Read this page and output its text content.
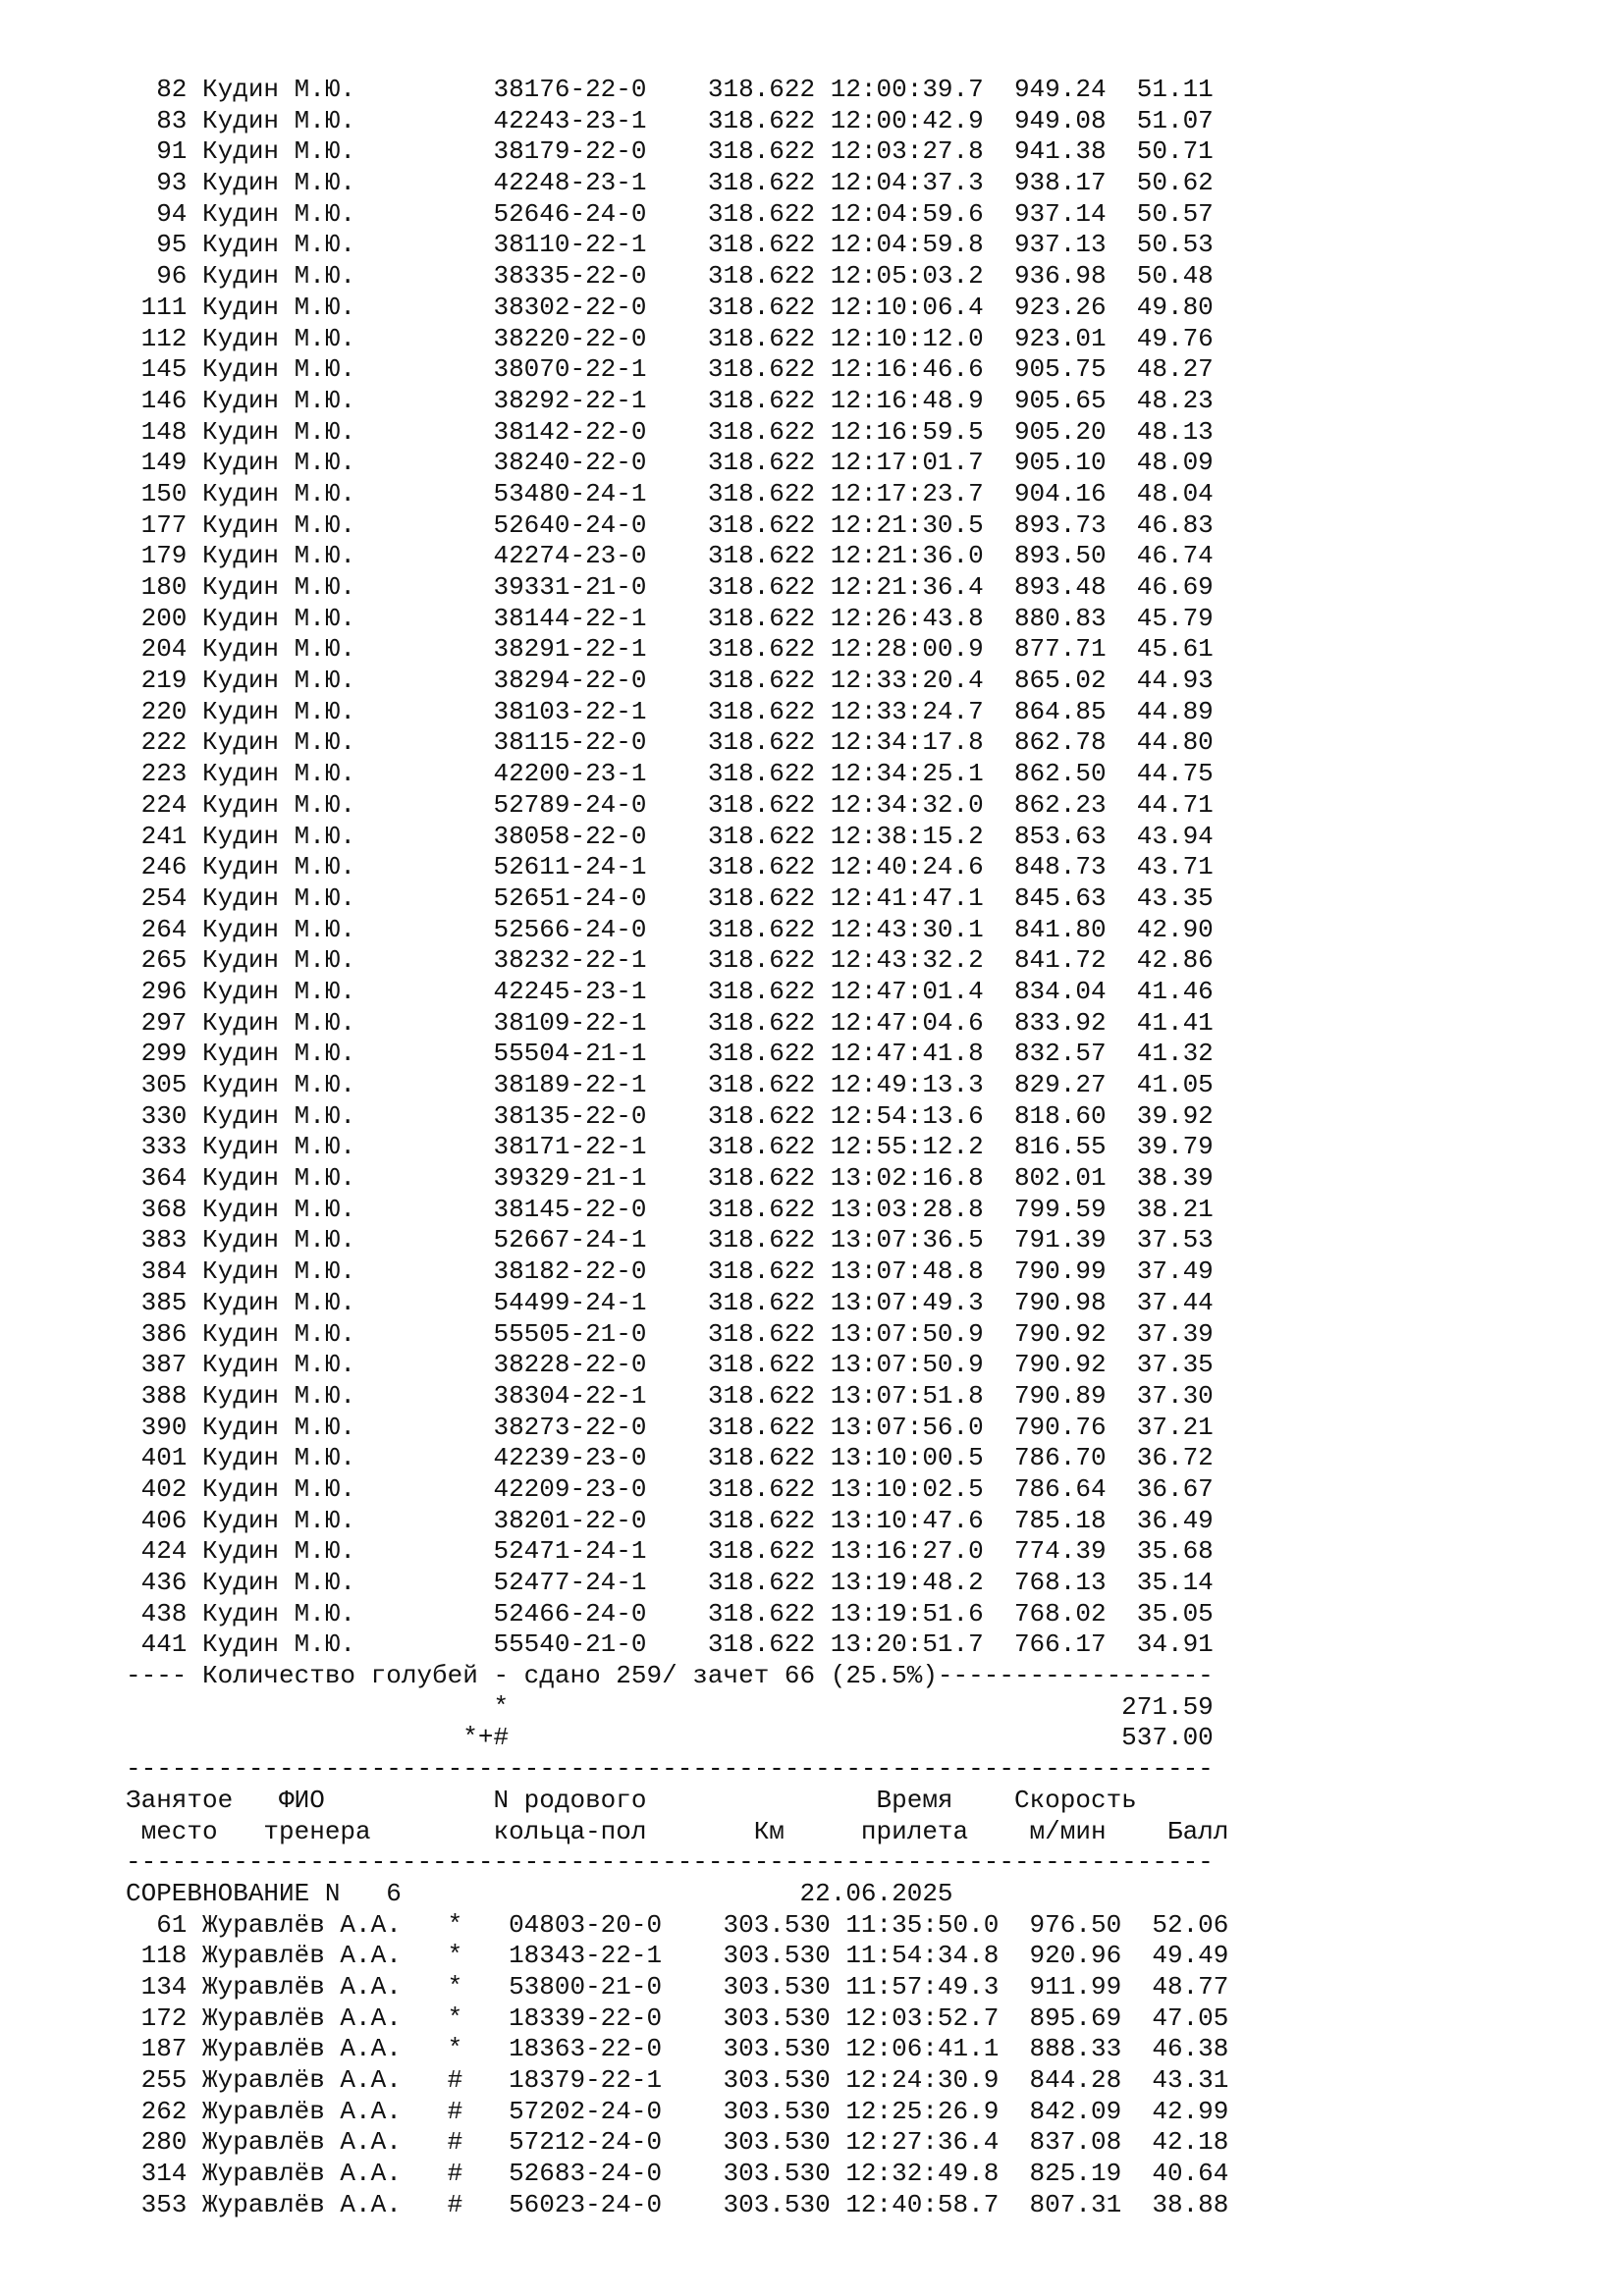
82 Кудин М.Ю.         38176-22-0    318.622 12:00:39.7  949.24  51.11
83 Кудин М.Ю.         42243-23-1    318.622 12:00:42.9  949.08  51.07
91 Кудин М.Ю.         38179-22-0    318.622 12:03:27.8  941.38  50.71
93 Кудин М.Ю.         42248-23-1    318.622 12:04:37.3  938.17  50.62
94 Кудин М.Ю.         52646-24-0    318.622 12:04:59.6  937.14  50.57
95 Кудин М.Ю.         38110-22-1    318.622 12:04:59.8  937.13  50.53
96 Кудин М.Ю.         38335-22-0    318.622 12:05:03.2  936.98  50.48
111 Кудин М.Ю.         38302-22-0    318.622 12:10:06.4  923.26  49.80
112 Кудин М.Ю.         38220-22-0    318.622 12:10:12.0  923.01  49.76
145 Кудин М.Ю.         38070-22-1    318.622 12:16:46.6  905.75  48.27
146 Кудин М.Ю.         38292-22-1    318.622 12:16:48.9  905.65  48.23
148 Кудин М.Ю.         38142-22-0    318.622 12:16:59.5  905.20  48.13
149 Кудин М.Ю.         38240-22-0    318.622 12:17:01.7  905.10  48.09
150 Кудин М.Ю.         53480-24-1    318.622 12:17:23.7  904.16  48.04
177 Кудин М.Ю.         52640-24-0    318.622 12:21:30.5  893.73  46.83
179 Кудин М.Ю.         42274-23-0    318.622 12:21:36.0  893.50  46.74
180 Кудин М.Ю.         39331-21-0    318.622 12:21:36.4  893.48  46.69
200 Кудин М.Ю.         38144-22-1    318.622 12:26:43.8  880.83  45.79
204 Кудин М.Ю.         38291-22-1    318.622 12:28:00.9  877.71  45.61
219 Кудин М.Ю.         38294-22-0    318.622 12:33:20.4  865.02  44.93
220 Кудин М.Ю.         38103-22-1    318.622 12:33:24.7  864.85  44.89
222 Кудин М.Ю.         38115-22-0    318.622 12:34:17.8  862.78  44.80
223 Кудин М.Ю.         42200-23-1    318.622 12:34:25.1  862.50  44.75
224 Кудин М.Ю.         52789-24-0    318.622 12:34:32.0  862.23  44.71
241 Кудин М.Ю.         38058-22-0    318.622 12:38:15.2  853.63  43.94
246 Кудин М.Ю.         52611-24-1    318.622 12:40:24.6  848.73  43.71
254 Кудин М.Ю.         52651-24-0    318.622 12:41:47.1  845.63  43.35
264 Кудин М.Ю.         52566-24-0    318.622 12:43:30.1  841.80  42.90
265 Кудин М.Ю.         38232-22-1    318.622 12:43:32.2  841.72  42.86
296 Кудин М.Ю.         42245-23-1    318.622 12:47:01.4  834.04  41.46
297 Кудин М.Ю.         38109-22-1    318.622 12:47:04.6  833.92  41.41
299 Кудин М.Ю.         55504-21-1    318.622 12:47:41.8  832.57  41.32
305 Кудин М.Ю.         38189-22-1    318.622 12:49:13.3  829.27  41.05
330 Кудин М.Ю.         38135-22-0    318.622 12:54:13.6  818.60  39.92
333 Кудин М.Ю.         38171-22-1    318.622 12:55:12.2  816.55  39.79
364 Кудин М.Ю.         39329-21-1    318.622 13:02:16.8  802.01  38.39
368 Кудин М.Ю.         38145-22-0    318.622 13:03:28.8  799.59  38.21
383 Кудин М.Ю.         52667-24-1    318.622 13:07:36.5  791.39  37.53
384 Кудин М.Ю.         38182-22-0    318.622 13:07:48.8  790.99  37.49
385 Кудин М.Ю.         54499-24-1    318.622 13:07:49.3  790.98  37.44
386 Кудин М.Ю.         55505-21-0    318.622 13:07:50.9  790.92  37.39
387 Кудин М.Ю.         38228-22-0    318.622 13:07:50.9  790.92  37.35
388 Кудин М.Ю.         38304-22-1    318.622 13:07:51.8  790.89  37.30
390 Кудин М.Ю.         38273-22-0    318.622 13:07:56.0  790.76  37.21
401 Кудин М.Ю.         42239-23-0    318.622 13:10:00.5  786.70  36.72
402 Кудин М.Ю.         42209-23-0    318.622 13:10:02.5  786.64  36.67
406 Кудин М.Ю.         38201-22-0    318.622 13:10:47.6  785.18  36.49
424 Кудин М.Ю.         52471-24-1    318.622 13:16:27.0  774.39  35.68
436 Кудин М.Ю.         52477-24-1    318.622 13:19:48.2  768.13  35.14
438 Кудин М.Ю.         52466-24-0    318.622 13:19:51.6  768.02  35.05
441 Кудин М.Ю.         55540-21-0    318.622 13:20:51.7  766.17  34.91
---- Количество голубей - сдано 259/ зачет 66 (25.5%)------------------
*                                        271.59
*+#                                        537.00
-----------------------------------------------------------------------
Занятое   ФИО           N родового               Время    Скорость
место   тренера        кольца-пол       Км     прилета    м/мин    Балл
-----------------------------------------------------------------------
СОРЕВНОВАНИЕ N   6                          22.06.2025
61 Журавлёв А.А.   *   04803-20-0    303.530 11:35:50.0  976.50  52.06
118 Журавлёв А.А.   *   18343-22-1    303.530 11:54:34.8  920.96  49.49
134 Журавлёв А.А.   *   53800-21-0    303.530 11:57:49.3  911.99  48.77
172 Журавлёв А.А.   *   18339-22-0    303.530 12:03:52.7  895.69  47.05
187 Журавлёв А.А.   *   18363-22-0    303.530 12:06:41.1  888.33  46.38
255 Журавлёв А.А.   #   18379-22-1    303.530 12:24:30.9  844.28  43.31
262 Журавлёв А.А.   #   57202-24-0    303.530 12:25:26.9  842.09  42.99
280 Журавлёв А.А.   #   57212-24-0    303.530 12:27:36.4  837.08  42.18
314 Журавлёв А.А.   #   52683-24-0    303.530 12:32:49.8  825.19  40.64
353 Журавлёв А.А.   #   56023-24-0    303.530 12:40:58.7  807.31  38.88
